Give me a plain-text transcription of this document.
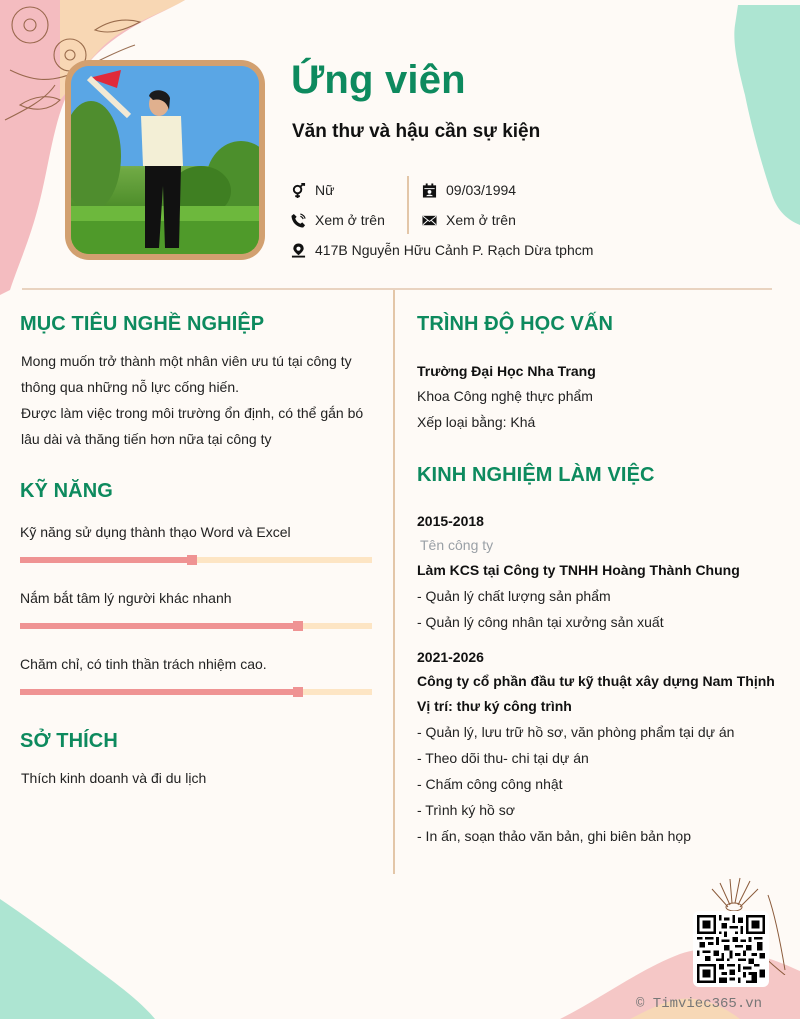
Ứng viên
Văn thư và hậu cần sự kiện
Nữ
Xem ở trên
09/03/1994
Xem ở trên
417B Nguyễn Hữu Cảnh P. Rạch Dừa tphcm
MỤC TIÊU NGHỀ NGHIỆP
Mong muốn trở thành một nhân viên ưu tú tại công ty
thông qua những nỗ lực cống hiến.
Được làm việc trong môi trường ổn định, có thể gắn bó
lâu dài và thăng tiến hơn nữa tại công ty
KỸ NĂNG
Kỹ năng sử dụng thành thạo Word và Excel
Nắm bắt tâm lý người khác nhanh
Chăm chỉ, có tinh thần trách nhiệm cao.
SỞ THÍCH
Thích kinh doanh và đi du lịch
TRÌNH ĐỘ HỌC VẤN
Trường Đại Học Nha Trang
Khoa Công nghệ thực phẩm
Xếp loại bằng: Khá
KINH NGHIỆM LÀM VIỆC
2015-2018
Tên công ty
Làm KCS tại Công ty TNHH Hoàng Thành Chung
- Quản lý chất lượng sản phẩm
- Quản lý công nhân tại xưởng sản xuất
2021-2026
Công ty cổ phần đầu tư kỹ thuật xây dựng Nam Thịnh
Vị trí: thư ký công trình
- Quản lý, lưu trữ hồ sơ, văn phòng phẩm tại dự án
- Theo dõi thu- chi tại dự án
- Chấm công công nhật
- Trình ký hồ sơ
- In ấn, soạn thảo văn bản, ghi biên bản họp
© Timviec365.vn
